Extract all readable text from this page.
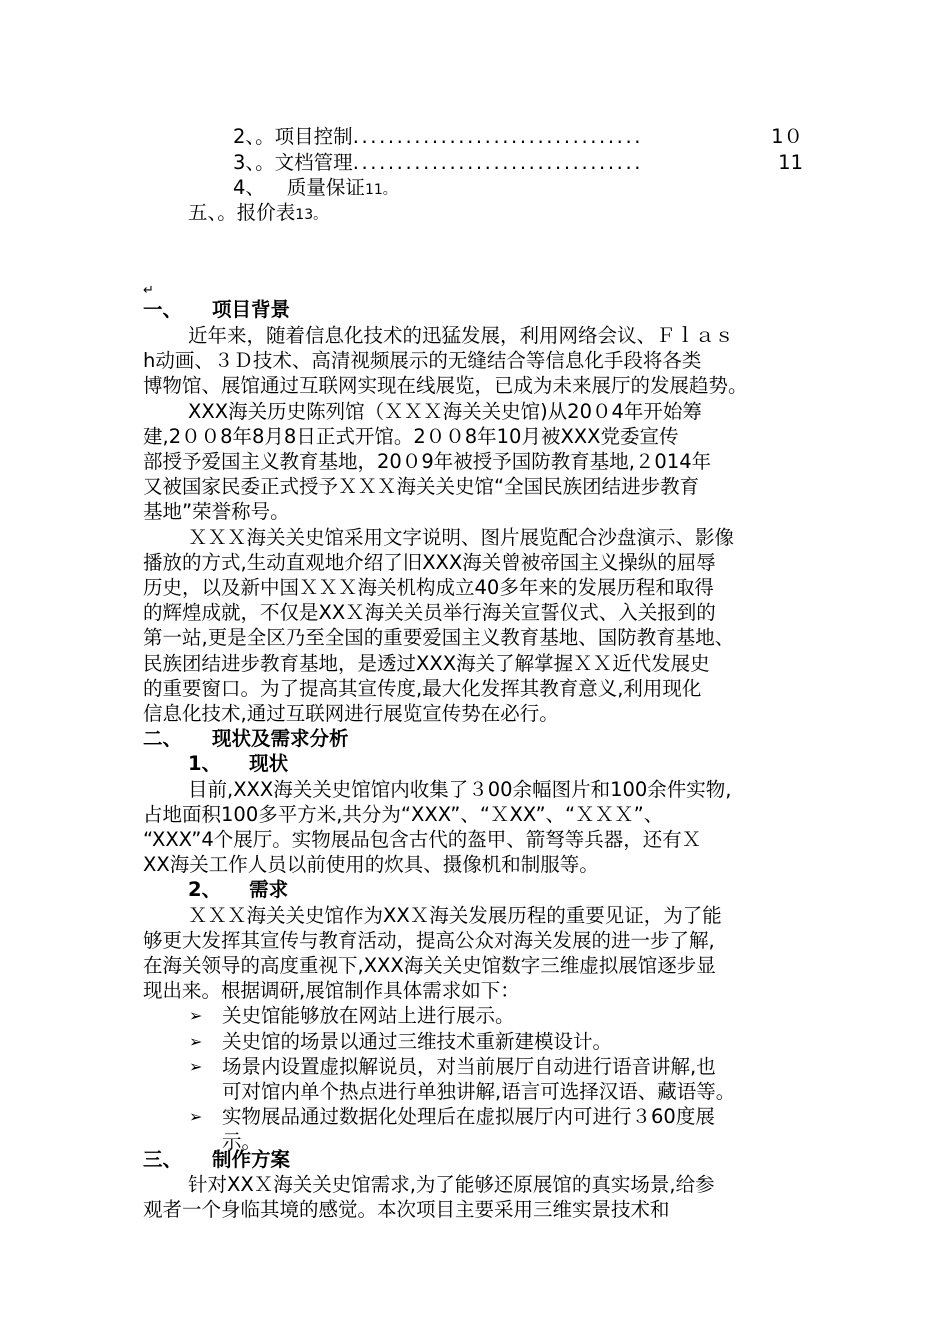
2、。项目控制.................................	1０
3、。文档管理.................................	11
4、 质量保证11。
五、。报价表13。
↵
一、 项目背景
近年来，随着信息化技术的迅猛发展，利用网络会议、Ｆｌａｓ
h动画、３Ｄ技术、高清视频展示的无缝结合等信息化手段将各类
博物馆、展馆通过互联网实现在线展览，已成为未来展厅的发展趋势。
XXX海关历史陈列馆（ＸＸＸ海关关史馆)从20０4年开始筹
建,2００8年8月8日正式开馆。2００8年10月被XXX党委宣传
部授予爱国主义教育基地，20０9年被授予国防教育基地,２014年
又被国家民委正式授予ＸＸＸ海关关史馆“全国民族团结进步教育
基地”荣誉称号。
ＸＸＸ海关关史馆采用文字说明、图片展览配合沙盘演示、影像
播放的方式,生动直观地介绍了旧XXX海关曾被帝国主义操纵的屈辱
历史，以及新中国ＸＸＸ海关机构成立40多年来的发展历程和取得
的辉煌成就，不仅是XXＸ海关关员举行海关宣誓仪式、入关报到的
第一站,更是全区乃至全国的重要爱国主义教育基地、国防教育基地、
民族团结进步教育基地，是透过XXX海关了解掌握ＸＸ近代发展史
的重要窗口。为了提高其宣传度,最大化发挥其教育意义,利用现化
信息化技术,通过互联网进行展览宣传势在必行。
二、 现状及需求分析
1、 现状
目前,XXX海关关史馆馆内收集了３00余幅图片和100余件实物,
占地面积100多平方米,共分为“XXX”、“ＸXX”、“ＸＸＸ”、
“XXX”4个展厅。实物展品包含古代的盔甲、箭弩等兵器，还有Ｘ
XX海关工作人员以前使用的炊具、摄像机和制服等。
2、 需求
ＸＸＸ海关关史馆作为XXＸ海关发展历程的重要见证，为了能
够更大发挥其宣传与教育活动，提高公众对海关发展的进一步了解,
在海关领导的高度重视下,XXX海关关史馆数字三维虚拟展馆逐步显
现出来。根据调研,展馆制作具体需求如下：
➢ 关史馆能够放在网站上进行展示。
➢ 关史馆的场景以通过三维技术重新建模设计。
➢ 场景内设置虚拟解说员，对当前展厅自动进行语音讲解,也
可对馆内单个热点进行单独讲解,语言可选择汉语、藏语等。
➢ 实物展品通过数据化处理后在虚拟展厅内可进行３60度展
示。
三、 制作方案
针对XXＸ海关关史馆需求,为了能够还原展馆的真实场景,给参
观者一个身临其境的感觉。本次项目主要采用三维实景技术和
